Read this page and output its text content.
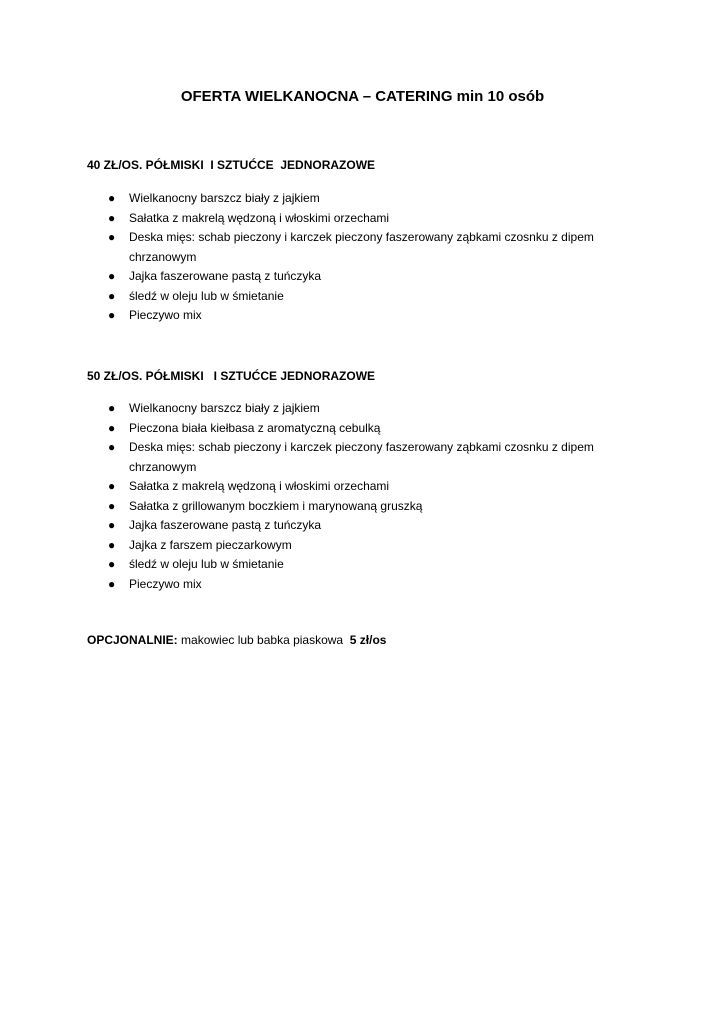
OFERTA WIELKANOCNA – CATERING min 10 osób

40 ZŁ/OS. PÓŁMISKI  I SZTUĆCE  JEDNORAZOWE

● Wielkanocny barszcz biały z jajkiem
● Sałatka z makrelą wędzoną i włoskimi orzechami
● Deska mięs: schab pieczony i karczek pieczony faszerowany ząbkami czosnku z dipem chrzanowym
● Jajka faszerowane pastą z tuńczyka
● śledź w oleju lub w śmietanie
● Pieczywo mix

50 ZŁ/OS. PÓŁMISKI   I SZTUĆCE JEDNORAZOWE

● Wielkanocny barszcz biały z jajkiem
● Pieczona biała kiełbasa z aromatyczną cebulką
● Deska mięs: schab pieczony i karczek pieczony faszerowany ząbkami czosnku z dipem chrzanowym
● Sałatka z makrelą wędzoną i włoskimi orzechami
● Sałatka z grillowanym boczkiem i marynowaną gruszką
● Jajka faszerowane pastą z tuńczyka
● Jajka z farszem pieczarkowym
● śledź w oleju lub w śmietanie
● Pieczywo mix

OPCJONALNIE: makowiec lub babka piaskowa  5 zł/os
